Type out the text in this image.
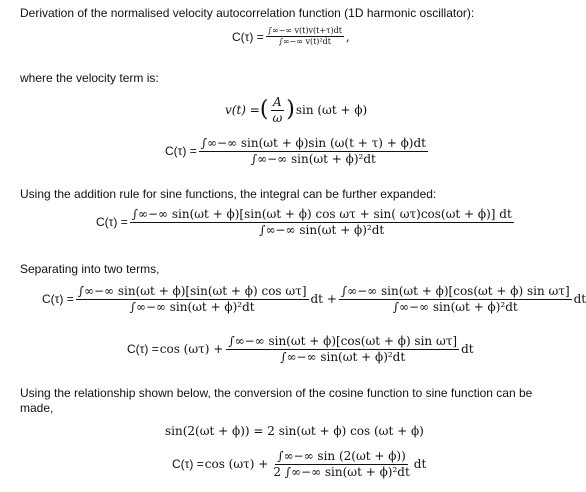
Derivation of the normalised velocity autocorrelation function (1D harmonic oscillator):
$C(\tau) = \frac{\int\infty-\infty v(t)v(t+\tau)dt}{\text{∫∞−∞ v(t)²dt}}$ ,
where the velocity term is:
v(t) = ( $\frac{A}{\omega}$ ) sin (ωt + ϕ)
$C(\tau) = \frac{\int\infty-\infty \sin(\omega t + \phi)\sin (\omega(t + \tau) + \phi)dt}{\text{∫∞−∞ sin(ωt + ϕ)²dt}}$
Using the addition rule for sine functions, the integral can be further expanded:
C(τ) =
∫∞−∞ sin(ωt + ϕ)[sin(ωt + ϕ) cos ωτ + sin( ωτ)cos(ωt + ϕ)] dt
∫∞−∞ sin(ωt + ϕ)²dt
Separating into two terms,
$C(\tau) = \frac{\text{∫∞−∞ sin(ωt + ϕ)[sin(ωt + ϕ) cos ωτ]}}{\text{∫∞−∞ sin(ωt + ϕ)²dt}}$ dt + $\frac{\text{∫∞−∞ sin(ωt + ϕ)[cos(ωt + ϕ) sin ωτ]}}{\text{∫∞−∞ sin(ωt + ϕ)²dt}}$ dt
$C(\tau) = \cos (\omega\tau) + \frac{\text{∫∞−∞ sin(ωt + ϕ)[cos(ωt + ϕ) sin ωτ]}}{\text{∫∞−∞ sin(ωt + ϕ)²dt}}$ dt
Using the relationship shown below, the conversion of the cosine function to sine function can be made,
sin(2(ωt + ϕ)) = 2 sin(ωt + ϕ) cos (ωt + ϕ)
$C(\tau) = \cos (\omega\tau) + \frac{\int\infty-\infty \sin (2(\omega t + \phi))}{\text{2 ∫∞−∞ sin(ωt + ϕ)²dt}}$ dt
